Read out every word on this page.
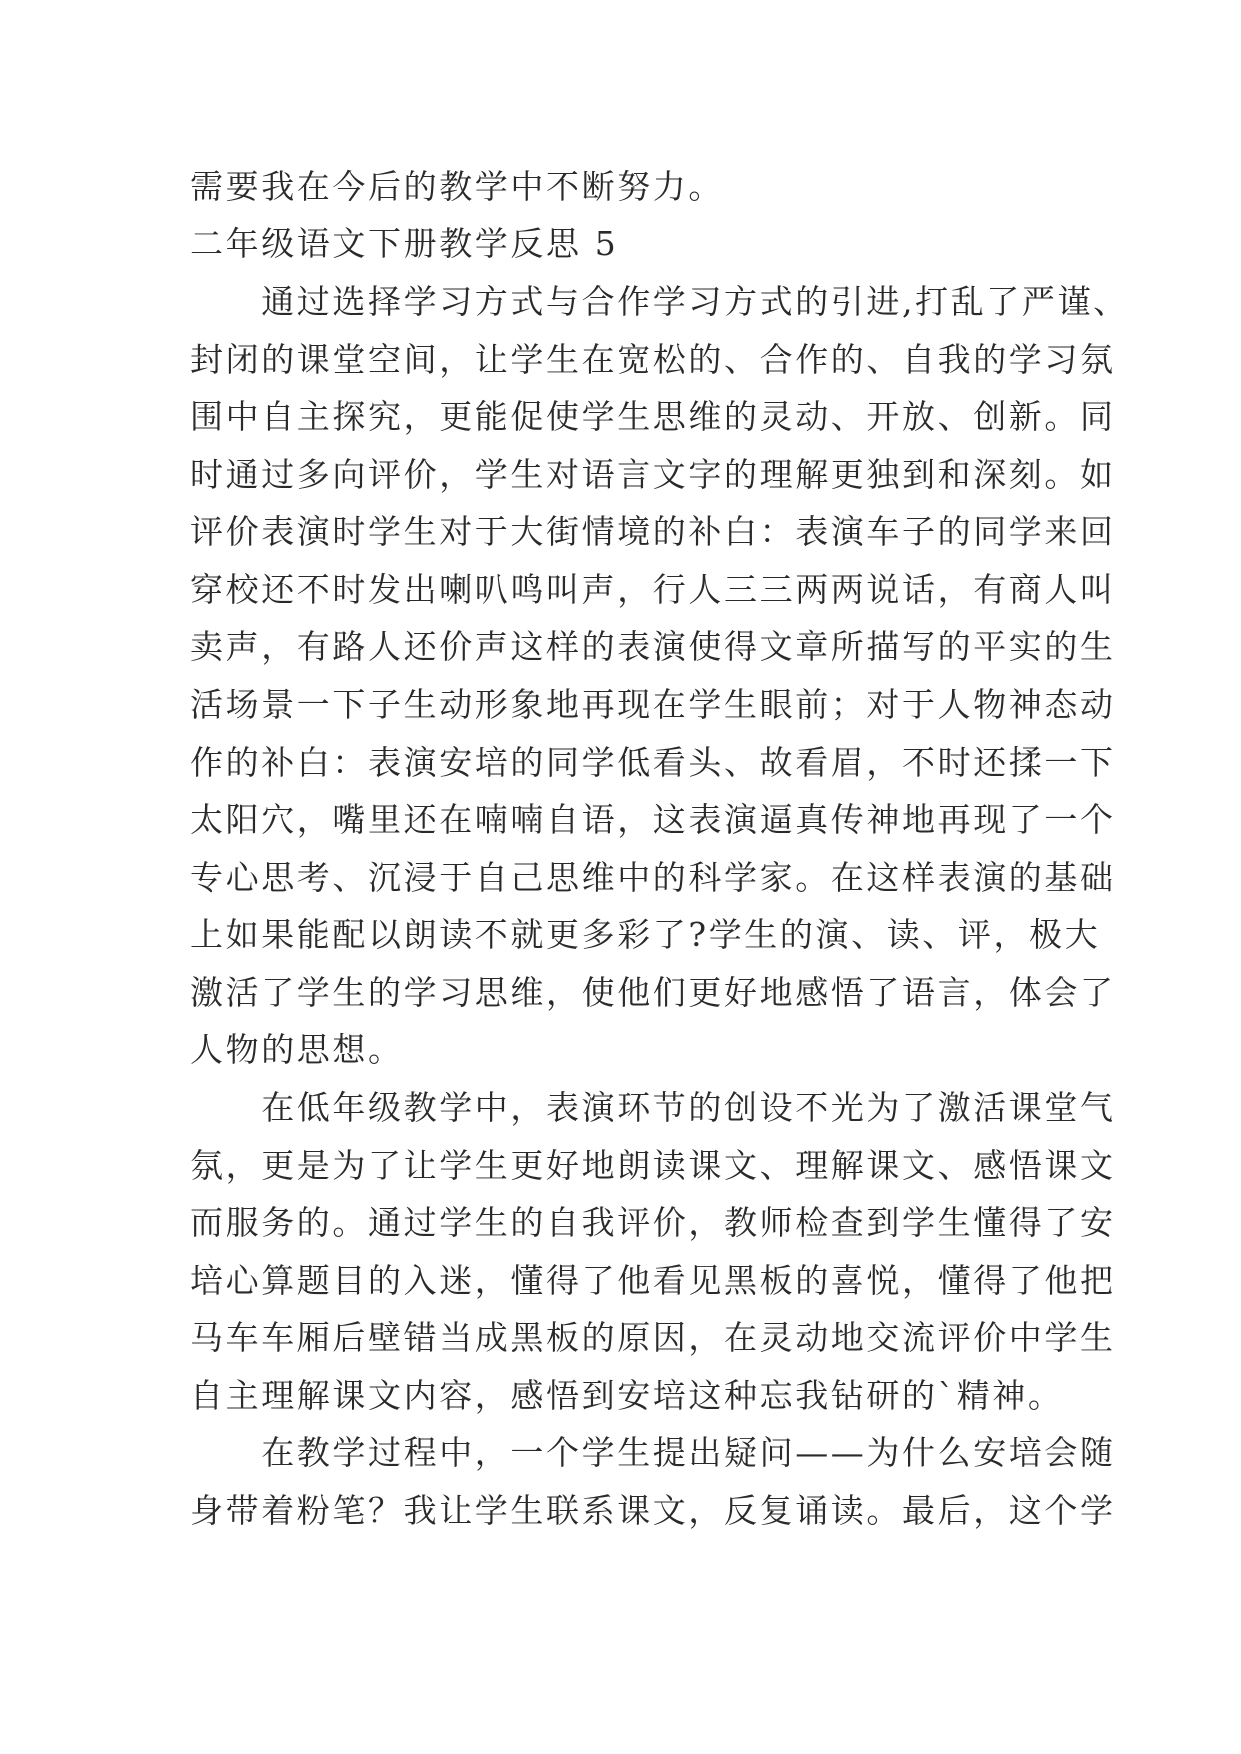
需要我在今后的教学中不断努力。
二年级语文下册教学反思 5
　　通过选择学习方式与合作学习方式的引进,打乱了严谨、
封闭的课堂空间，让学生在宽松的、合作的、自我的学习氛
围中自主探究，更能促使学生思维的灵动、开放、创新。同
时通过多向评价，学生对语言文字的理解更独到和深刻。如
评价表演时学生对于大街情境的补白：表演车子的同学来回
穿校还不时发出喇叭鸣叫声，行人三三两两说话，有商人叫
卖声，有路人还价声这样的表演使得文章所描写的平实的生
活场景一下子生动形象地再现在学生眼前；对于人物神态动
作的补白：表演安培的同学低看头、故看眉，不时还揉一下
太阳穴，嘴里还在喃喃自语，这表演逼真传神地再现了一个
专心思考、沉浸于自己思维中的科学家。在这样表演的基础
上如果能配以朗读不就更多彩了?学生的演、读、评，极大
激活了学生的学习思维，使他们更好地感悟了语言，体会了
人物的思想。
　　在低年级教学中，表演环节的创设不光为了激活课堂气
氛，更是为了让学生更好地朗读课文、理解课文、感悟课文
而服务的。通过学生的自我评价，教师检查到学生懂得了安
培心算题目的入迷，懂得了他看见黑板的喜悦，懂得了他把
马车车厢后壁错当成黑板的原因，在灵动地交流评价中学生
自主理解课文内容，感悟到安培这种忘我钻研的`精神。
　　在教学过程中，一个学生提出疑问——为什么安培会随
身带着粉笔？我让学生联系课文，反复诵读。最后，这个学
